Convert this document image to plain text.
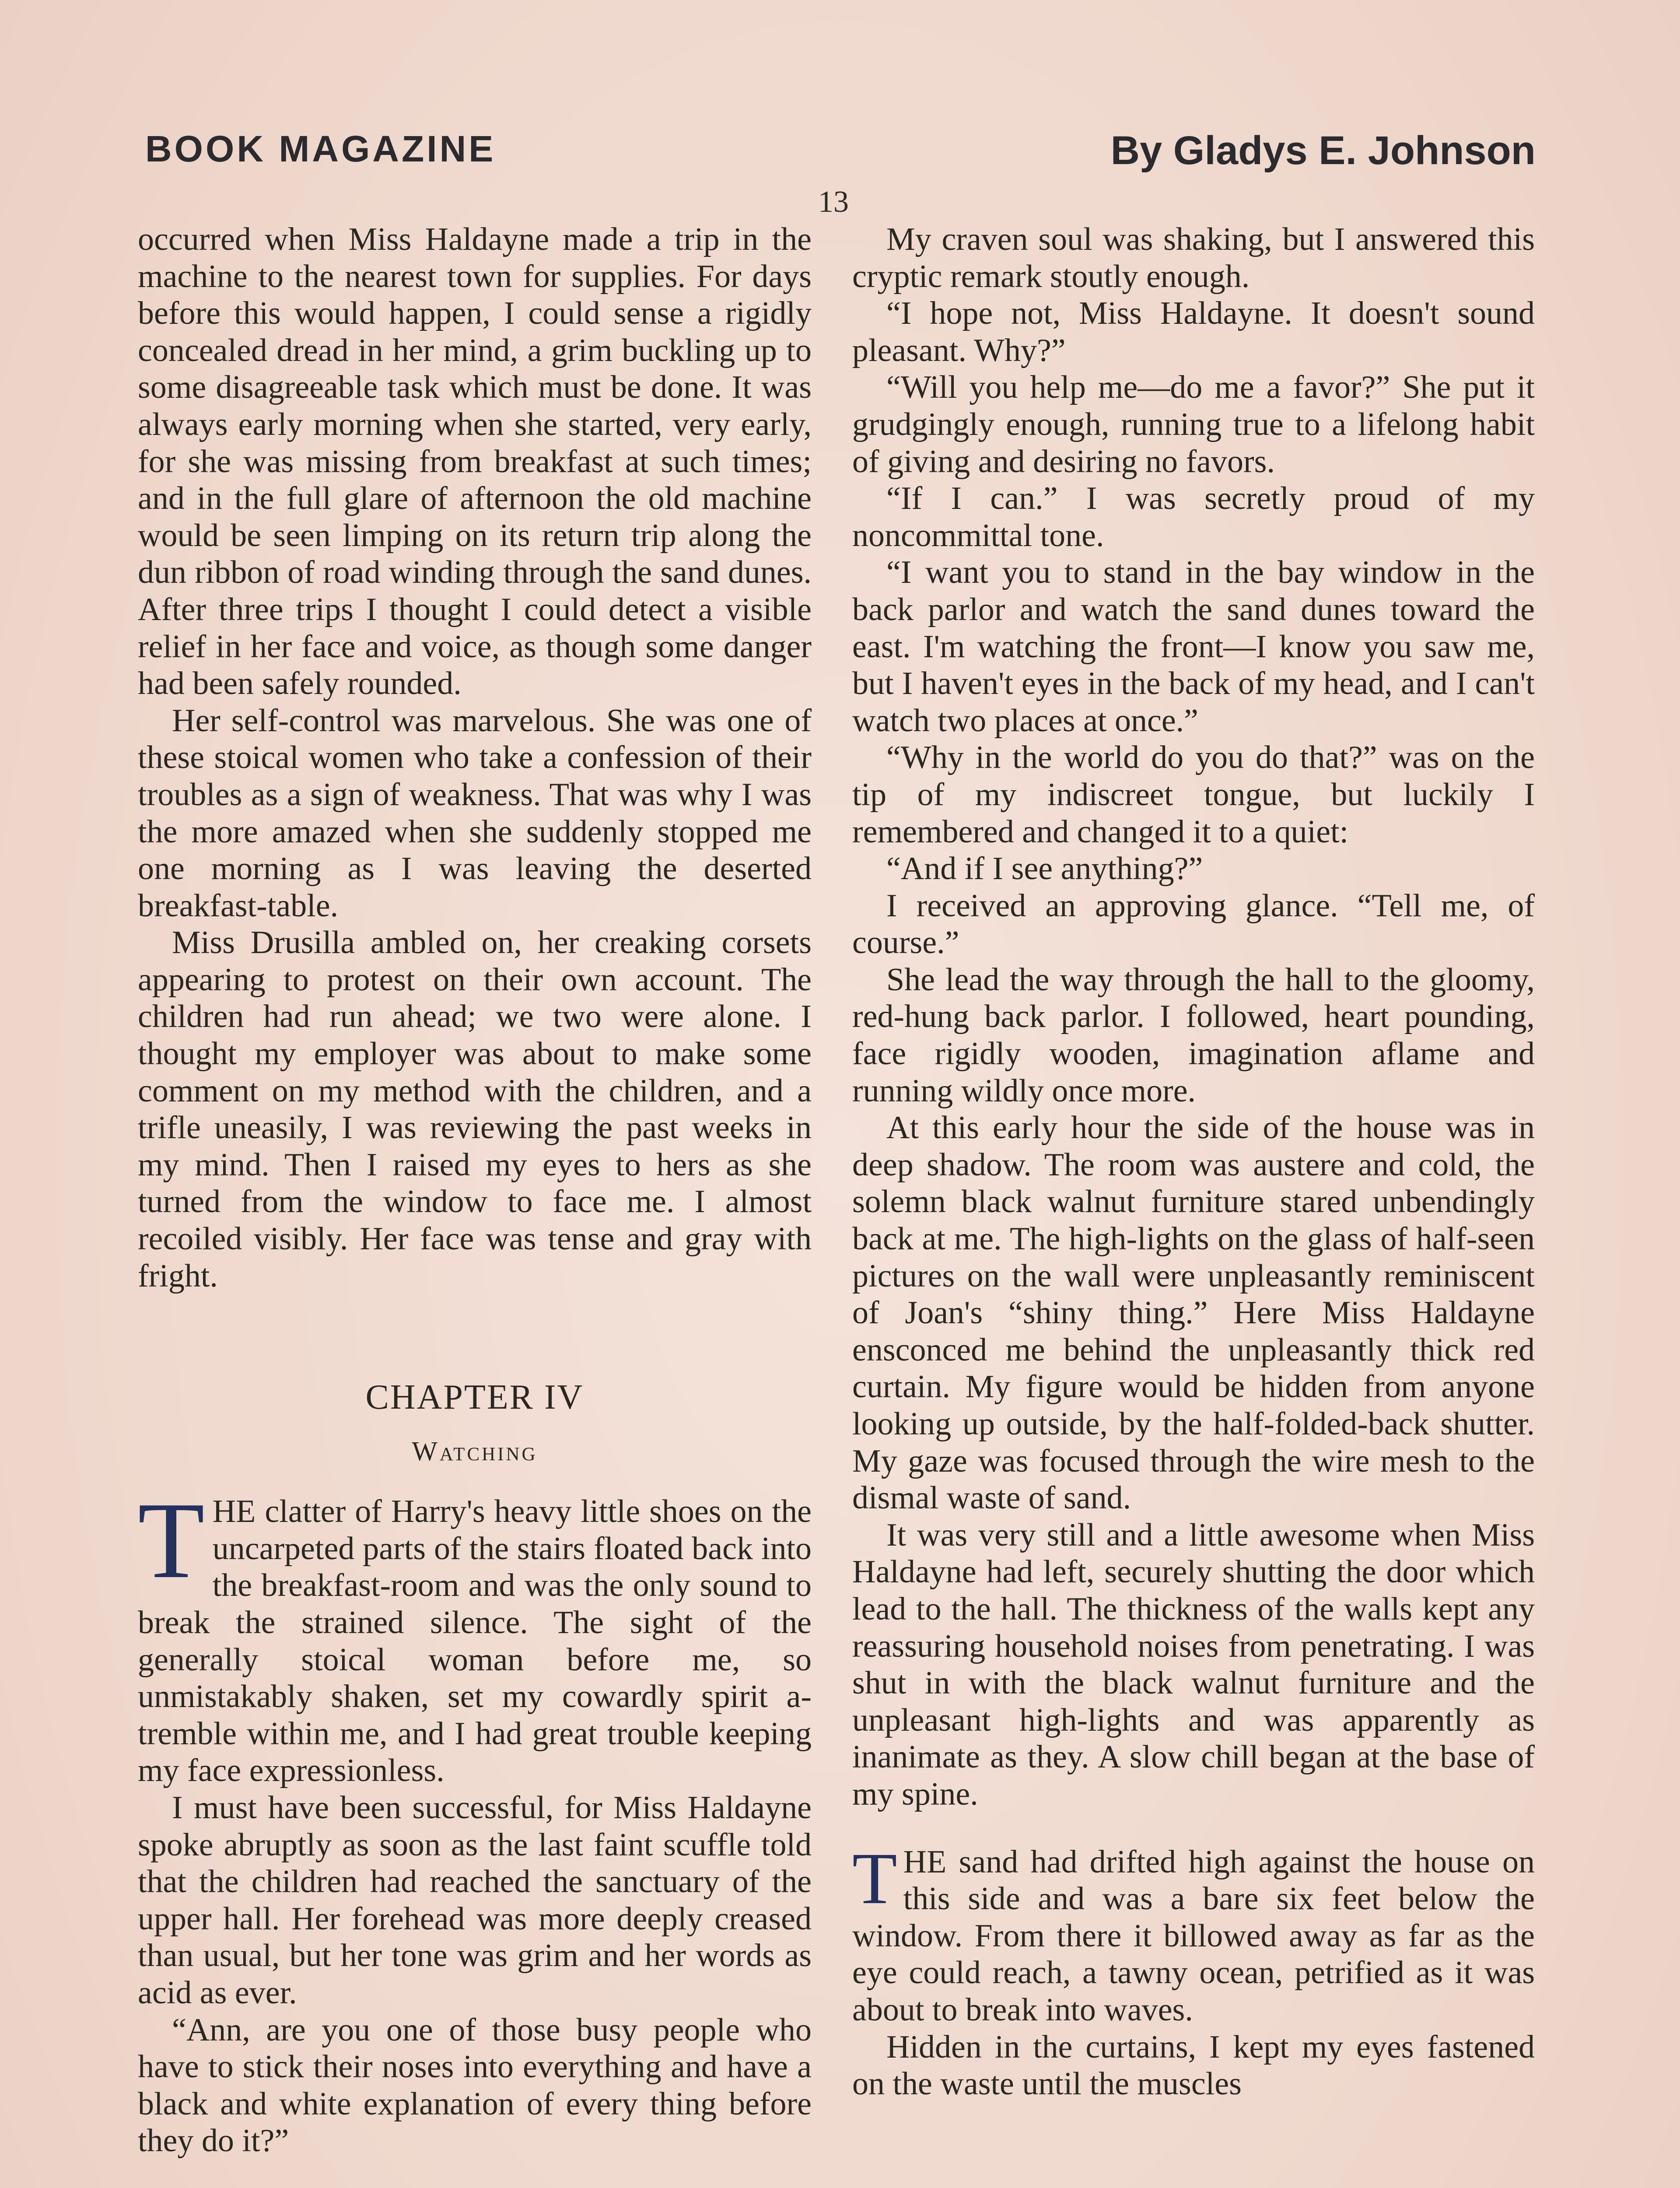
BOOK MAGAZINE	By Gladys E. Johnson
13

occurred when Miss Haldayne made a trip in the machine to the nearest town for supplies. For days before this would happen, I could sense a rigidly concealed dread in her mind, a grim buckling up to some disagreeable task which must be done. It was always early morning when she started, very early, for she was missing from breakfast at such times; and in the full glare of afternoon the old machine would be seen limping on its return trip along the dun ribbon of road winding through the sand dunes. After three trips I thought I could detect a visible relief in her face and voice, as though some danger had been safely rounded.

Her self-control was marvelous. She was one of these stoical women who take a confession of their troubles as a sign of weakness. That was why I was the more amazed when she suddenly stopped me one morning as I was leaving the deserted breakfast-table.

Miss Drusilla ambled on, her creaking corsets appearing to protest on their own account. The children had run ahead; we two were alone. I thought my employer was about to make some comment on my method with the children, and a trifle uneasily, I was reviewing the past weeks in my mind. Then I raised my eyes to hers as she turned from the window to face me. I almost recoiled visibly. Her face was tense and gray with fright.

CHAPTER IV
Watching

THE clatter of Harry's heavy little shoes on the uncarpeted parts of the stairs floated back into the breakfast-room and was the only sound to break the strained silence. The sight of the generally stoical woman before me, so unmistakably shaken, set my cowardly spirit a-tremble within me, and I had great trouble keeping my face expressionless.

I must have been successful, for Miss Haldayne spoke abruptly as soon as the last faint scuffle told that the children had reached the sanctuary of the upper hall. Her forehead was more deeply creased than usual, but her tone was grim and her words as acid as ever.

“Ann, are you one of those busy people who have to stick their noses into everything and have a black and white explanation of every thing before they do it?”

My craven soul was shaking, but I answered this cryptic remark stoutly enough.

“I hope not, Miss Haldayne. It doesn't sound pleasant. Why?”

“Will you help me—do me a favor?” She put it grudgingly enough, running true to a lifelong habit of giving and desiring no favors.

“If I can.” I was secretly proud of my noncommittal tone.

“I want you to stand in the bay window in the back parlor and watch the sand dunes toward the east. I'm watching the front—I know you saw me, but I haven't eyes in the back of my head, and I can't watch two places at once.”

“Why in the world do you do that?” was on the tip of my indiscreet tongue, but luckily I remembered and changed it to a quiet:

“And if I see anything?”

I received an approving glance. “Tell me, of course.”

She lead the way through the hall to the gloomy, red-hung back parlor. I followed, heart pounding, face rigidly wooden, imagination aflame and running wildly once more.

At this early hour the side of the house was in deep shadow. The room was austere and cold, the solemn black walnut furniture stared unbendingly back at me. The high-lights on the glass of half-seen pictures on the wall were unpleasantly reminiscent of Joan's “shiny thing.” Here Miss Haldayne ensconced me behind the unpleasantly thick red curtain. My figure would be hidden from anyone looking up outside, by the half-folded-back shutter. My gaze was focused through the wire mesh to the dismal waste of sand.

It was very still and a little awesome when Miss Haldayne had left, securely shutting the door which lead to the hall. The thickness of the walls kept any reassuring household noises from penetrating. I was shut in with the black walnut furniture and the unpleasant high-lights and was apparently as inanimate as they. A slow chill began at the base of my spine.

THE sand had drifted high against the house on this side and was a bare six feet below the window. From there it billowed away as far as the eye could reach, a tawny ocean, petrified as it was about to break into waves.

Hidden in the curtains, I kept my eyes fastened on the waste until the muscles
